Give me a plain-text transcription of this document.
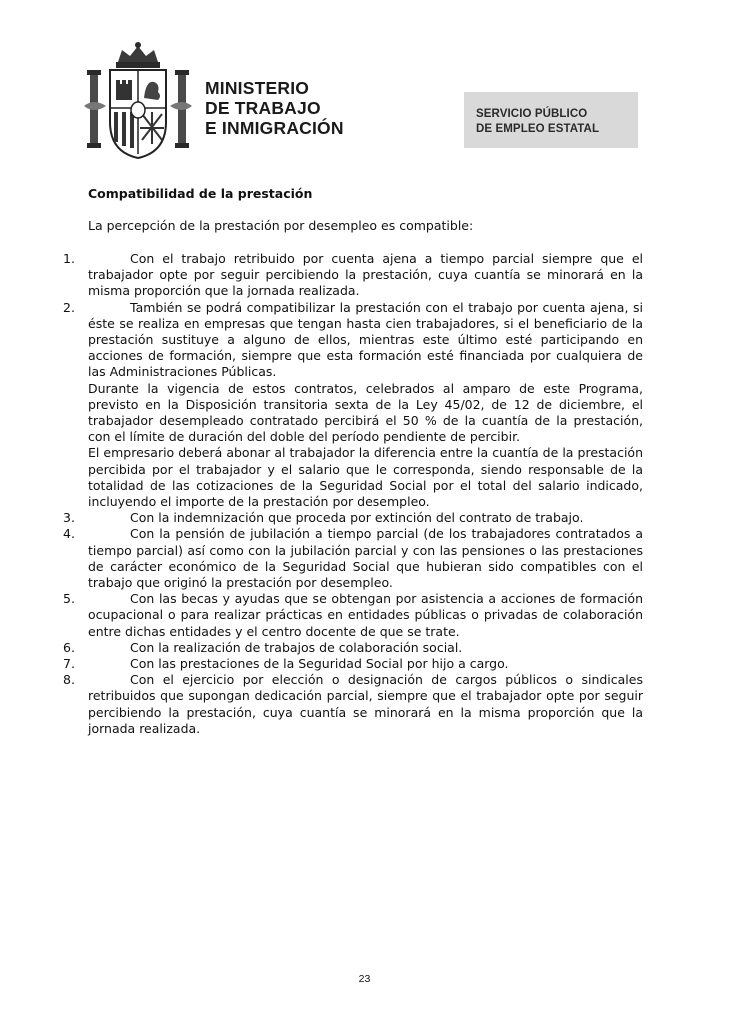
MINISTERIO
DE TRABAJO
E INMIGRACIÓN
SERVICIO PÚBLICO
DE EMPLEO ESTATAL
Compatibilidad de la prestación
La percepción de la prestación por desempleo es compatible:
1.	Con el trabajo retribuido por cuenta ajena a tiempo parcial siempre que el trabajador opte por seguir percibiendo la prestación, cuya cuantía se minorará en la misma proporción que la jornada realizada.
2.	También se podrá compatibilizar la prestación con el trabajo por cuenta ajena, si éste se realiza en empresas que tengan hasta cien trabajadores, si el beneficiario de la prestación sustituye a alguno de ellos, mientras este último esté participando en acciones de formación, siempre que esta formación esté financiada por cualquiera de las Administraciones Públicas.
Durante la vigencia de estos contratos, celebrados al amparo de este Programa, previsto en la Disposición transitoria sexta de la Ley 45/02, de 12 de diciembre, el trabajador desempleado contratado percibirá el 50 % de la cuantía de la prestación, con el límite de duración del doble del período pendiente de percibir.
El empresario deberá abonar al trabajador la diferencia entre la cuantía de la prestación percibida por el trabajador y el salario que le corresponda, siendo responsable de la totalidad de las cotizaciones de la Seguridad Social por el total del salario indicado, incluyendo el importe de la prestación por desempleo.
3.	Con la indemnización que proceda por extinción del contrato de trabajo.
4.	Con la pensión de jubilación a tiempo parcial (de los trabajadores contratados a tiempo parcial) así como con la jubilación parcial y con las pensiones o las prestaciones de carácter económico de la Seguridad Social que hubieran sido compatibles con el trabajo que originó la prestación por desempleo.
5.	Con las becas y ayudas que se obtengan por asistencia a acciones de formación ocupacional o para realizar prácticas en entidades públicas o privadas de colaboración entre dichas entidades y el centro docente de que se trate.
6.	Con la realización de trabajos de colaboración social.
7.	Con las prestaciones de la Seguridad Social por hijo a cargo.
8.	Con el ejercicio por elección o designación de cargos públicos o sindicales retribuidos que supongan dedicación parcial, siempre que el trabajador opte por seguir percibiendo la prestación, cuya cuantía se minorará en la misma proporción que la jornada realizada.
23
